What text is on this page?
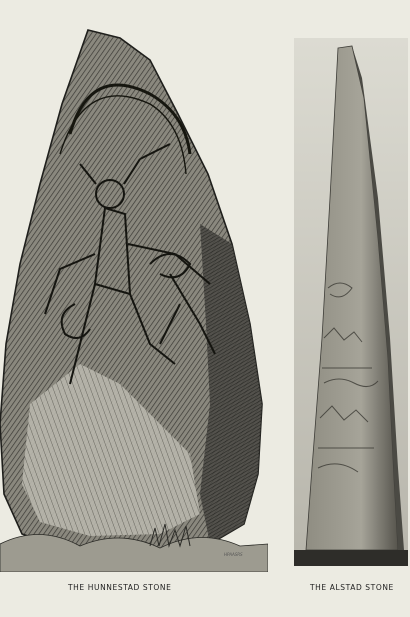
HPAASRS
THE HUNNESTAD STONE	THE ALSTAD STONE
